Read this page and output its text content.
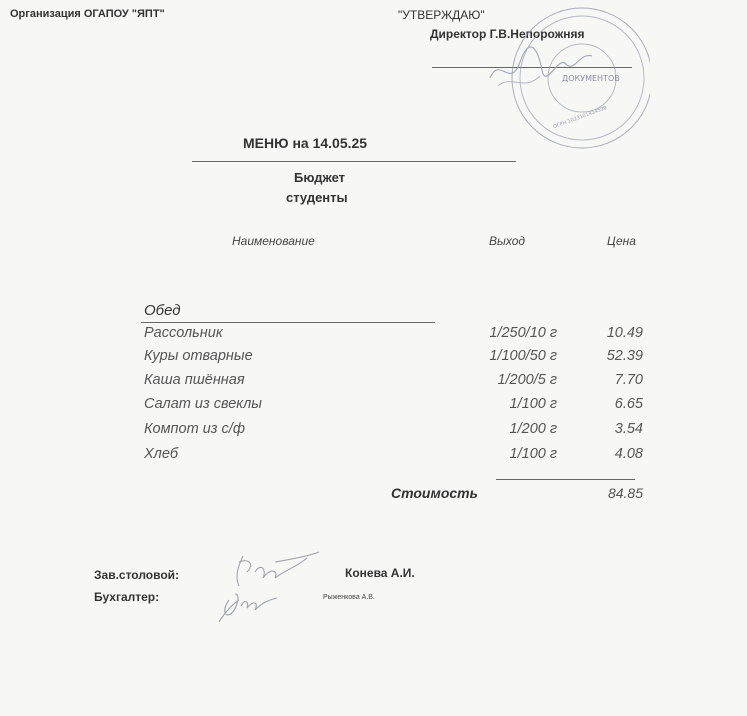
Организация ОГАПОУ "ЯПТ"	"УТВЕРЖДАЮ"
Директор Г.В.Непорожняя
ДОКУМЕНТОВ
ОГРН 1023101454599
МЕНЮ на 14.05.25
Бюджет
студенты
Наименование	Выход	Цена
Обед
Рассольник	1/250/10 г	10.49
Куры отварные	1/100/50 г	52.39
Каша пшённая	1/200/5 г	7.70
Салат из свеклы	1/100 г	6.65
Компот из с/ф	1/200 г	3.54
Хлеб	1/100 г	4.08
Стоимость	84.85
Зав.столовой:	Конева А.И.
Бухгалтер:	Рыженкова А.В.
